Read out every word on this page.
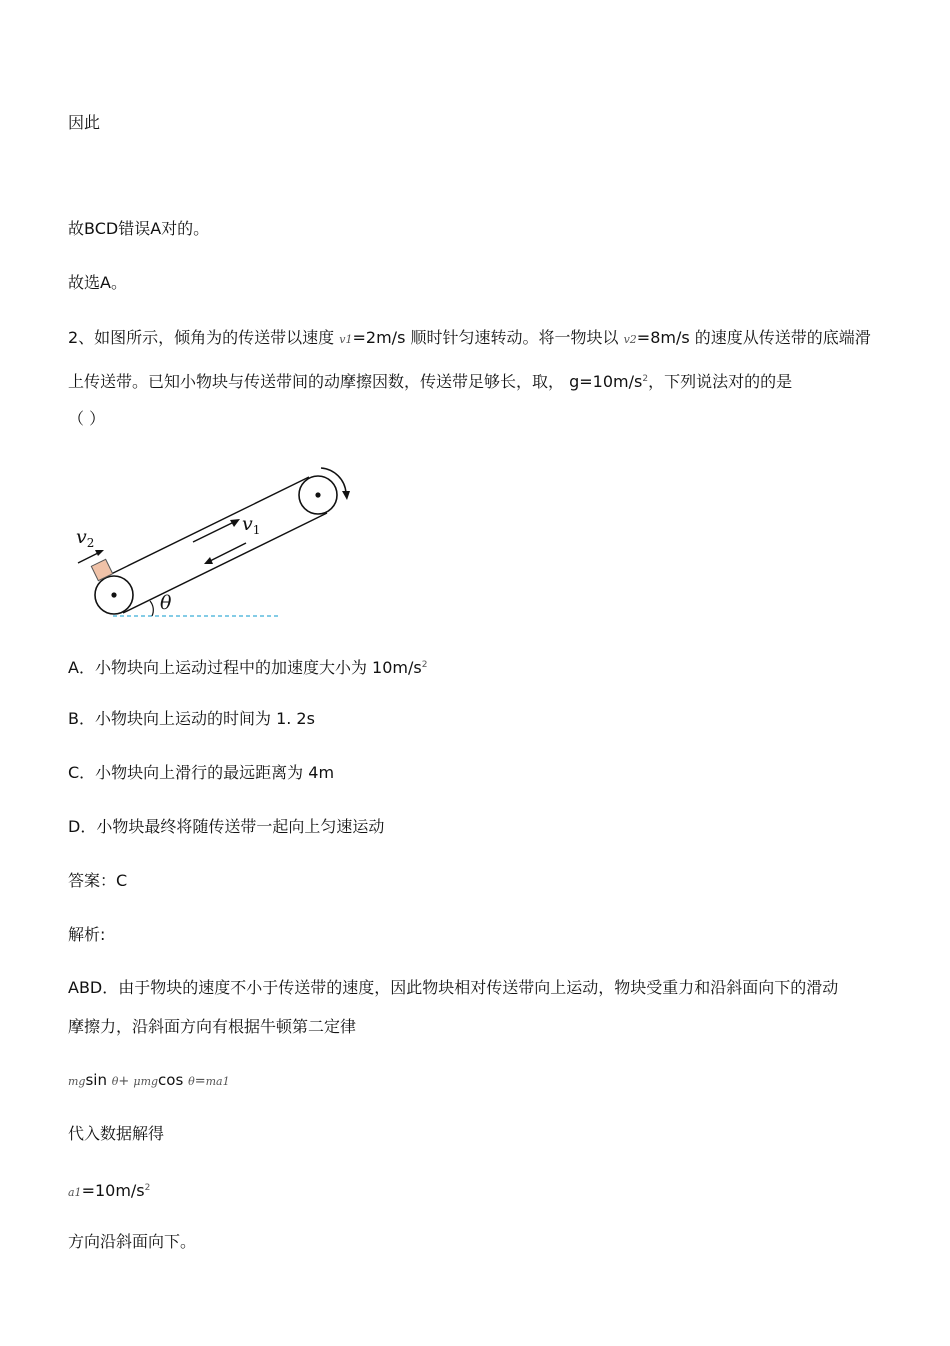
因此
故BCD错误A对的。
故选A。
2、如图所示，倾角为的传送带以速度 v1=2m/s 顺时针匀速转动。将一物块以 v2=8m/s 的速度从传送带的底端滑
上传送带。已知小物块与传送带间的动摩擦因数，传送带足够长，取， $g=10m/s^2$，下列说法对的的是
（ ）
$v_2$
$v_1$
θ
A．小物块向上运动过程中的加速度大小为 $10m/s^2$
B．小物块向上运动的时间为 1. 2s
C．小物块向上滑行的最远距离为 4m
D．小物块最终将随传送带一起向上匀速运动
答案：C
解析:
ABD．由于物块的速度不小于传送带的速度，因此物块相对传送带向上运动，物块受重力和沿斜面向下的滑动
摩擦力，沿斜面方向有根据牛顿第二定律
mgsin θ+ μmgcos θ=ma1
代入数据解得
$a1=10m/s^2$
方向沿斜面向下。
